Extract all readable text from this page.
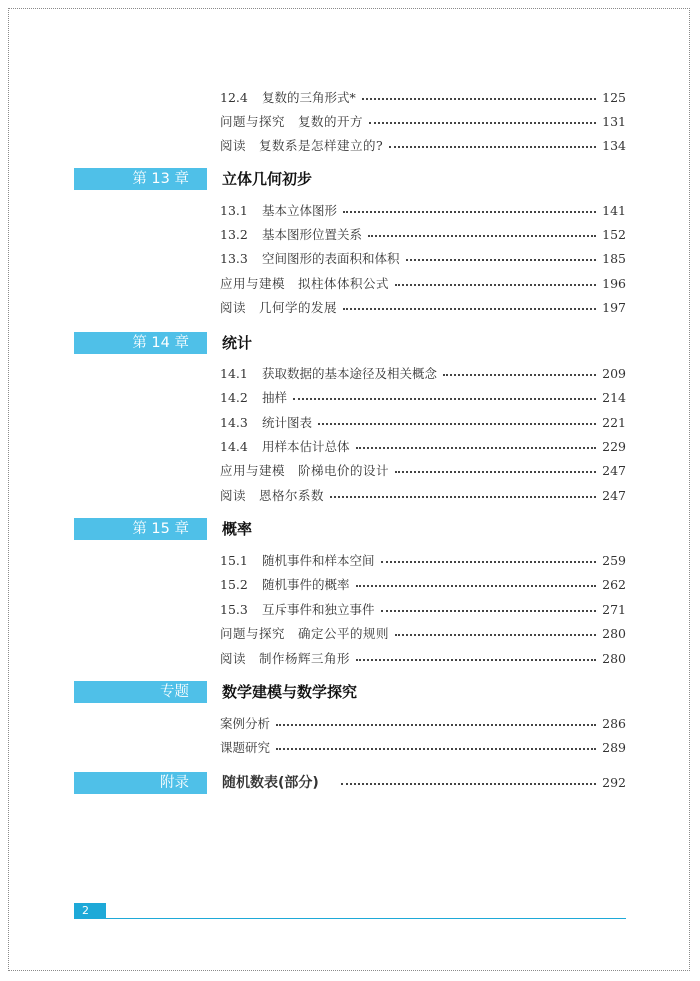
12.4	复数的三角形式*	125
问题与探究　复数的开方	131
阅读　复数系是怎样建立的?	134
第 13 章	立体几何初步
13.1	基本立体图形	141
13.2	基本图形位置关系	152
13.3	空间图形的表面积和体积	185
应用与建模　拟柱体体积公式	196
阅读　几何学的发展	197
第 14 章	统计
14.1	获取数据的基本途径及相关概念	209
14.2	抽样	214
14.3	统计图表	221
14.4	用样本估计总体	229
应用与建模　阶梯电价的设计	247
阅读　恩格尔系数	247
第 15 章	概率
15.1	随机事件和样本空间	259
15.2	随机事件的概率	262
15.3	互斥事件和独立事件	271
问题与探究　确定公平的规则	280
阅读　制作杨辉三角形	280
专题	数学建模与数学探究
案例分析	286
课题研究	289
附录	随机数表(部分)	292
2
